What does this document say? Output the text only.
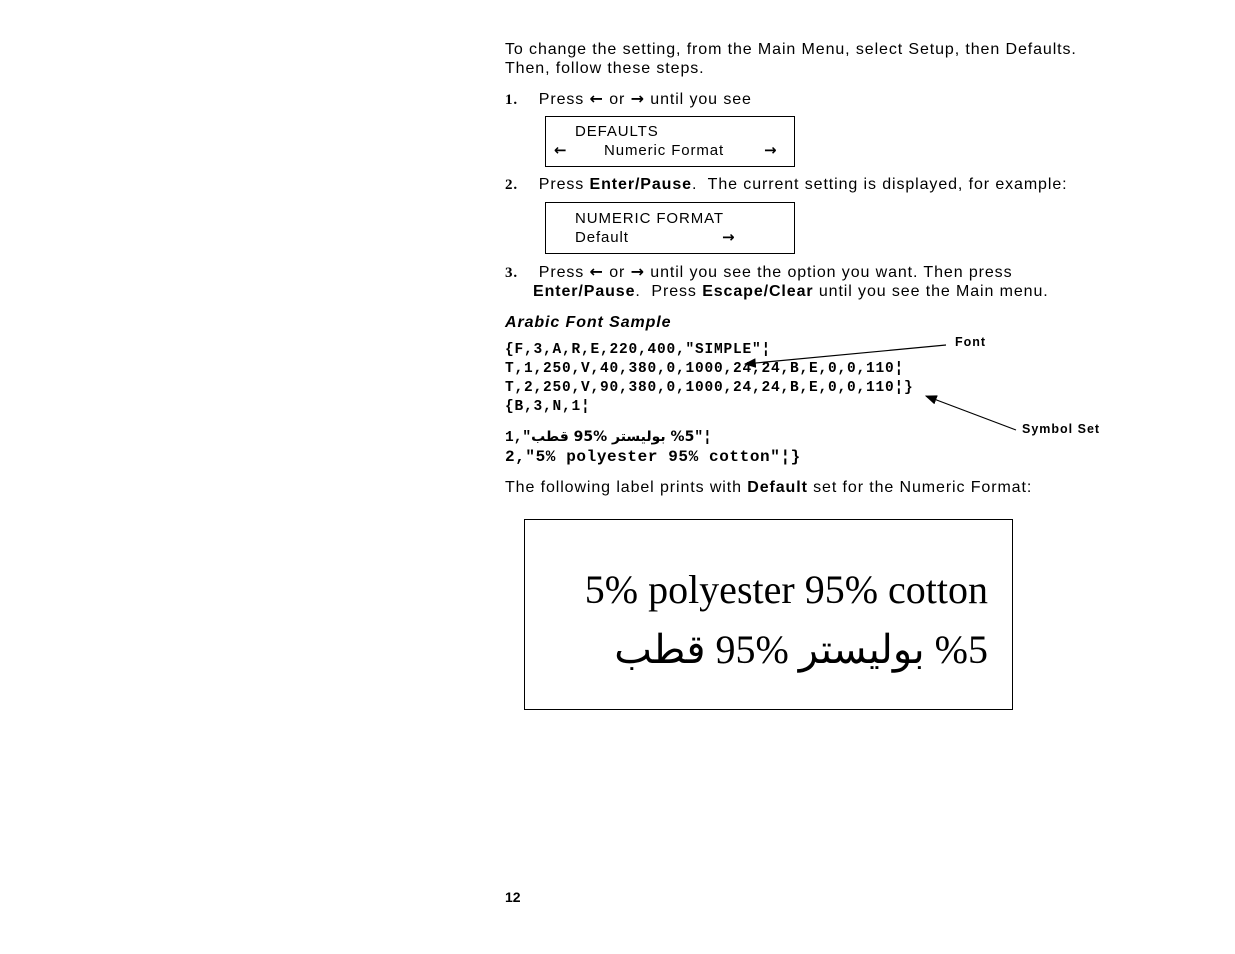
To change the setting, from the Main Menu, select Setup, then Defaults.
Then, follow these steps.
1. Press ← or → until you see
DEFAULTS
← Numeric Format	→
2. Press Enter/Pause.  The current setting is displayed, for example:
NUMERIC FORMAT
Default	→
3. Press ← or → until you see the option you want. Then press
Enter/Pause.  Press Escape/Clear until you see the Main menu.
Arabic Font Sample
{F,3,A,R,E,220,400,"SIMPLE"¦
T,1,250,V,40,380,0,1000,24,24,B,E,0,0,110¦
T,2,250,V,90,380,0,1000,24,24,B,E,0,0,110¦}
{B,3,N,1¦
1,"%5 بوليستر %95 قطب"¦
2,"5% polyester 95% cotton"¦}
Font
Symbol Set
The following label prints with Default set for the Numeric Format:
5% polyester 95% cotton
%5 بوليستر %95 قطب
12
